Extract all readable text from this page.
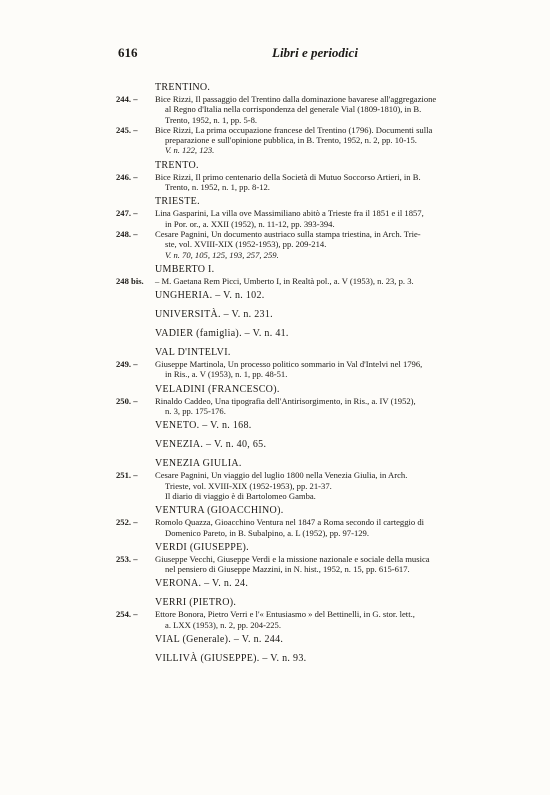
616	Libri e periodici
TRENTINO.
244. – Bice Rizzi, Il passaggio del Trentino dalla dominazione bavarese all'aggregazione
al Regno d'Italia nella corrispondenza del generale Vial (1809-1810), in B.
Trento, 1952, n. 1, pp. 5-8.
245. – Bice Rizzi, La prima occupazione francese del Trentino (1796). Documenti sulla
preparazione e sull'opinione pubblica, in B. Trento, 1952, n. 2, pp. 10-15.
V. n. 122, 123.
TRENTO.
246. – Bice Rizzi, Il primo centenario della Società di Mutuo Soccorso Artieri, in B.
Trento, n. 1952, n. 1, pp. 8-12.
TRIESTE.
247. – Lina Gasparini, La villa ove Massimiliano abitò a Trieste fra il 1851 e il 1857,
in Por. or., a. XXII (1952), n. 11-12, pp. 393-394.
248. – Cesare Pagnini, Un documento austriaco sulla stampa triestina, in Arch. Trie-
ste, vol. XVIII-XIX (1952-1953), pp. 209-214.
V. n. 70, 105, 125, 193, 257, 259.
UMBERTO I.
248 bis. – M. Gaetana Rem Picci, Umberto I, in Realtà pol., a. V (1953), n. 23, p. 3.
UNGHERIA. – V. n. 102.
UNIVERSITÀ. – V. n. 231.
VADIER (famiglia). – V. n. 41.
VAL D'INTELVI.
249. – Giuseppe Martinola, Un processo politico sommario in Val d'Intelvi nel 1796,
in Ris., a. V (1953), n. 1, pp. 48-51.
VELADINI (FRANCESCO).
250. – Rinaldo Caddeo, Una tipografia dell'Antirisorgimento, in Ris., a. IV (1952),
n. 3, pp. 175-176.
VENETO. – V. n. 168.
VENEZIA. – V. n. 40, 65.
VENEZIA GIULIA.
251. – Cesare Pagnini, Un viaggio del luglio 1800 nella Venezia Giulia, in Arch.
Trieste, vol. XVIII-XIX (1952-1953), pp. 21-37.
Il diario di viaggio è di Bartolomeo Gamba.
VENTURA (GIOACCHINO).
252. – Romolo Quazza, Gioacchino Ventura nel 1847 a Roma secondo il carteggio di
Domenico Pareto, in B. Subalpino, a. L (1952), pp. 97-129.
VERDI (GIUSEPPE).
253. – Giuseppe Vecchi, Giuseppe Verdi e la missione nazionale e sociale della musica
nel pensiero di Giuseppe Mazzini, in N. hist., 1952, n. 15, pp. 615-617.
VERONA. – V. n. 24.
VERRI (PIETRO).
254. – Ettore Bonora, Pietro Verri e l'« Entusiasmo » del Bettinelli, in G. stor. lett.,
a. LXX (1953), n. 2, pp. 204-225.
VIAL (Generale). – V. n. 244.
VILLIVÀ (GIUSEPPE). – V. n. 93.
